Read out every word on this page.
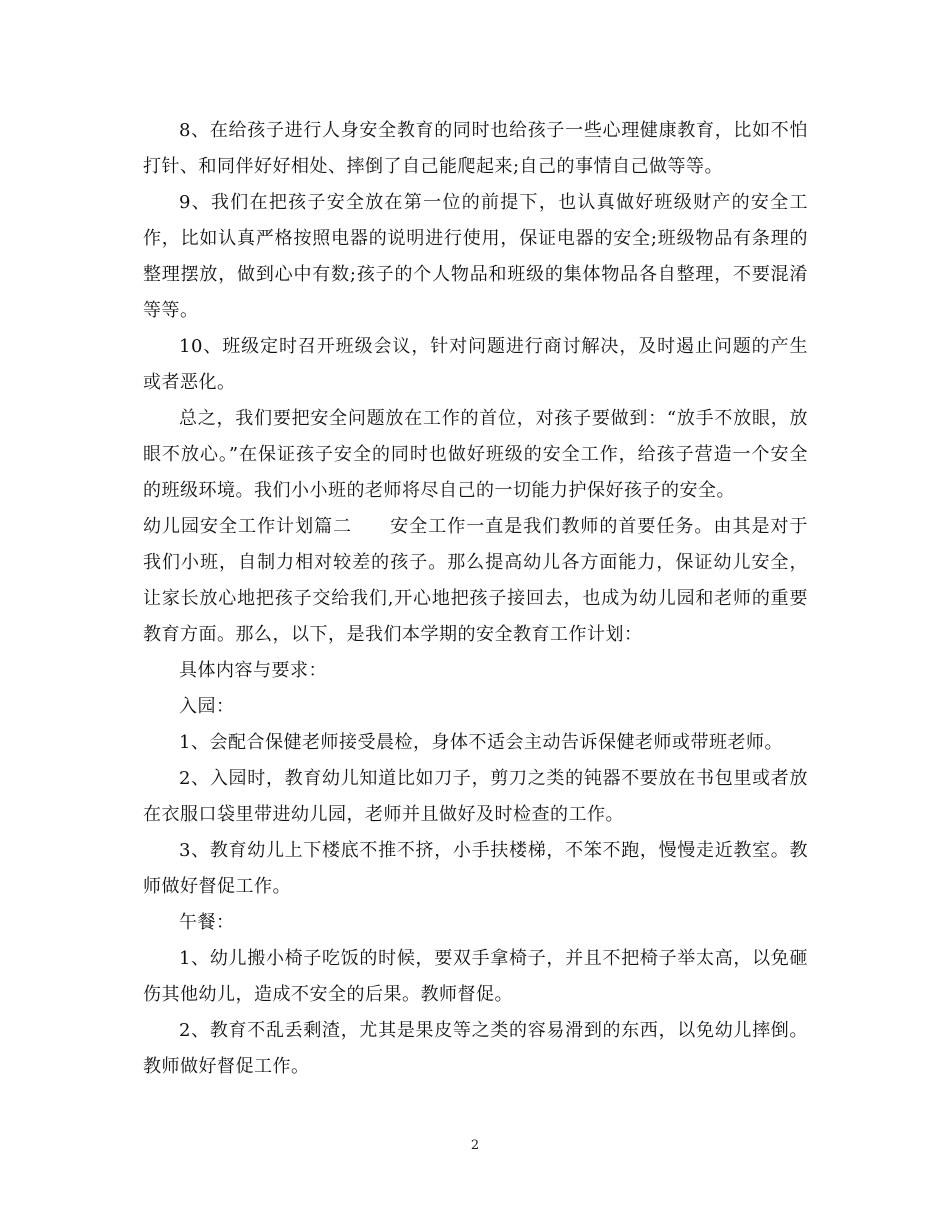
8、在给孩子进行人身安全教育的同时也给孩子一些心理健康教育，比如不怕打针、和同伴好好相处、摔倒了自己能爬起来;自己的事情自己做等等。

9、我们在把孩子安全放在第一位的前提下，也认真做好班级财产的安全工作，比如认真严格按照电器的说明进行使用，保证电器的安全;班级物品有条理的整理摆放，做到心中有数;孩子的个人物品和班级的集体物品各自整理，不要混淆等等。

10、班级定时召开班级会议，针对问题进行商讨解决，及时遏止问题的产生或者恶化。

总之，我们要把安全问题放在工作的首位，对孩子要做到：“放手不放眼，放眼不放心。”在保证孩子安全的同时也做好班级的安全工作，给孩子营造一个安全的班级环境。我们小小班的老师将尽自己的一切能力护保好孩子的安全。

幼儿园安全工作计划篇二　　安全工作一直是我们教师的首要任务。由其是对于我们小班，自制力相对较差的孩子。那么提高幼儿各方面能力，保证幼儿安全，让家长放心地把孩子交给我们,开心地把孩子接回去，也成为幼儿园和老师的重要教育方面。那么，以下，是我们本学期的安全教育工作计划：

具体内容与要求：

入园：

1、会配合保健老师接受晨检，身体不适会主动告诉保健老师或带班老师。

2、入园时，教育幼儿知道比如刀子，剪刀之类的钝器不要放在书包里或者放在衣服口袋里带进幼儿园，老师并且做好及时检查的工作。

3、教育幼儿上下楼底不推不挤，小手扶楼梯，不笨不跑，慢慢走近教室。教师做好督促工作。

午餐：

1、幼儿搬小椅子吃饭的时候，要双手拿椅子，并且不把椅子举太高，以免砸伤其他幼儿，造成不安全的后果。教师督促。

2、教育不乱丢剩渣，尤其是果皮等之类的容易滑到的东西，以免幼儿摔倒。教师做好督促工作。

2
